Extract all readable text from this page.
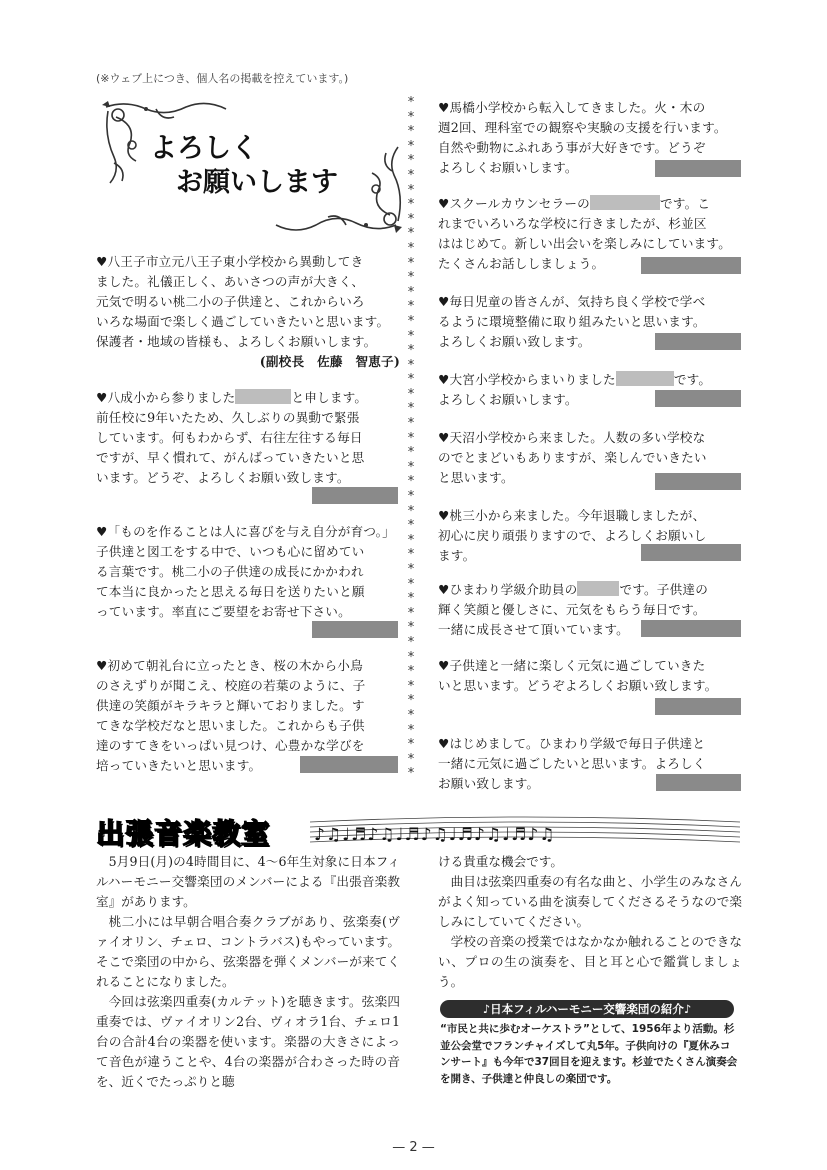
(※ウェブ上につき、個人名の掲載を控えています。)
よろしく
お願いします
*
*
*
*
*
*
*
*
*
*
*
*
*
*
*
*
*
*
*
*
*
*
*
*
*
*
*
*
*
*
*
*
*
*
*
*
*
*
*
*
*
*
*
*
*
*
*
♥八王子市立元八王子東小学校から異動してき
ました。礼儀正しく、あいさつの声が大きく、
元気で明るい桃二小の子供達と、これからいろ
いろな場面で楽しく過ごしていきたいと思います。
保護者・地域の皆様も、よろしくお願いします。
(副校長　佐藤　智恵子)
♥八成小から参りました	と申します。
前任校に9年いたため、久しぶりの異動で緊張
しています。何もわからず、右往左往する毎日
ですが、早く慣れて、がんばっていきたいと思
います。どうぞ、よろしくお願い致します。
♥「ものを作ることは人に喜びを与え自分が育つ。」
子供達と図工をする中で、いつも心に留めてい
る言葉です。桃二小の子供達の成長にかかわれ
て本当に良かったと思える毎日を送りたいと願
っています。率直にご要望をお寄せ下さい。
♥初めて朝礼台に立ったとき、桜の木から小鳥
のさえずりが聞こえ、校庭の若葉のように、子
供達の笑顔がキラキラと輝いておりました。す
てきな学校だなと思いました。これからも子供
達のすてきをいっぱい見つけ、心豊かな学びを
培っていきたいと思います。
♥馬橋小学校から転入してきました。火・木の
週2回、理科室での観察や実験の支援を行います。
自然や動物にふれあう事が大好きです。どうぞ
よろしくお願いします。
♥スクールカウンセラーの	です。こ
れまでいろいろな学校に行きましたが、杉並区
ははじめて。新しい出会いを楽しみにしています。
たくさんお話ししましょう。
♥毎日児童の皆さんが、気持ち良く学校で学べ
るように環境整備に取り組みたいと思います。
よろしくお願い致します。
♥大宮小学校からまいりました	です。
よろしくお願いします。
♥天沼小学校から来ました。人数の多い学校な
のでとまどいもありますが、楽しんでいきたい
と思います。
♥桃三小から来ました。今年退職しましたが、
初心に戻り頑張りますので、よろしくお願いし
ます。
♥ひまわり学級介助員の	です。子供達の
輝く笑顔と優しさに、元気をもらう毎日です。
一緒に成長させて頂いています。
♥子供達と一緒に楽しく元気に過ごしていきた
いと思います。どうぞよろしくお願い致します。
♥はじめまして。ひまわり学級で毎日子供達と
一緒に元気に過ごしたいと思います。よろしく
お願い致します。
出張音楽教室	♪♫♩♬♪♫♩♬♪♫♩♬♪♫♩♬♪♫

5月9日(月)の4時間目に、4～6年生対象に日本フィルハーモニー交響楽団のメンバーによる『出張音楽教室』があります。

桃二小には早朝合唱合奏クラブがあり、弦楽奏(ヴァイオリン、チェロ、コントラバス)もやっています。そこで楽団の中から、弦楽器を弾くメンバーが来てくれることになりました。

今回は弦楽四重奏(カルテット)を聴きます。弦楽四重奏では、ヴァイオリン2台、ヴィオラ1台、チェロ1台の合計4台の楽器を使います。楽器の大きさによって音色が違うことや、4台の楽器が合わさった時の音を、近くでたっぷりと聴

ける貴重な機会です。

曲目は弦楽四重奏の有名な曲と、小学生のみなさんがよく知っている曲を演奏してくださるそうなので楽しみにしていてください。

学校の音楽の授業ではなかなか触れることのできない、プロの生の演奏を、目と耳と心で鑑賞しましょう。

♪日本フィルハーモニー交響楽団の紹介♪
“市民と共に歩むオーケストラ”として、1956年より活動。杉並公会堂でフランチャイズして丸5年。子供向けの『夏休みコンサート』も今年で37回目を迎えます。杉並でたくさん演奏会を開き、子供達と仲良しの楽団です。
— 2 —
